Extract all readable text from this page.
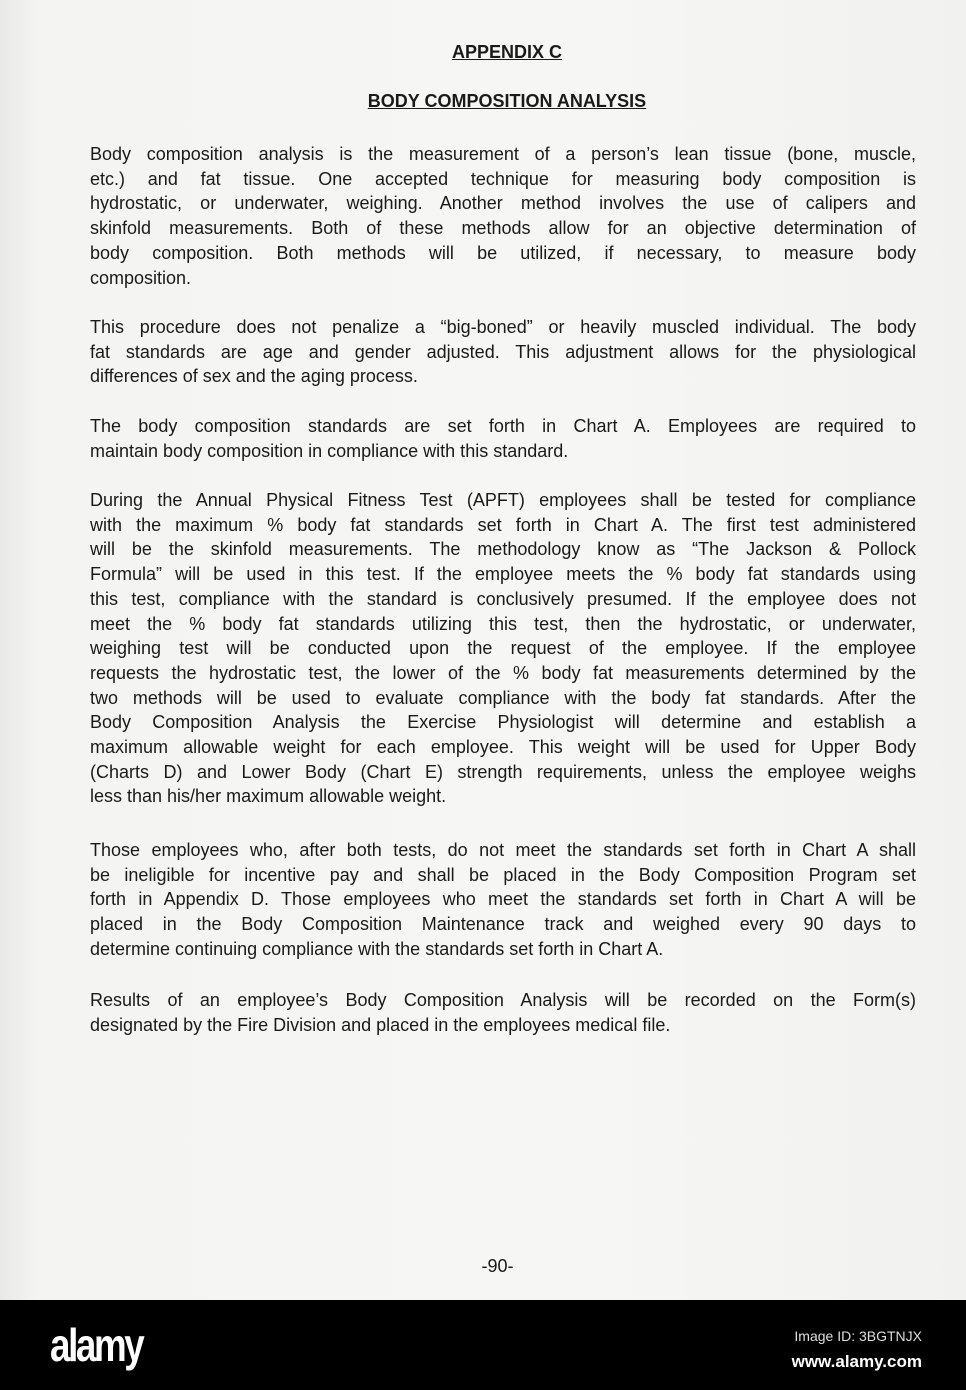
APPENDIX C
BODY COMPOSITION ANALYSIS
Body composition analysis is the measurement of a person’s lean tissue (bone, muscle,
etc.) and fat tissue. One accepted technique for measuring body composition is
hydrostatic, or underwater, weighing. Another method involves the use of calipers and
skinfold measurements. Both of these methods allow for an objective determination of
body composition. Both methods will be utilized, if necessary, to measure body
composition.
This procedure does not penalize a “big-boned” or heavily muscled individual. The body
fat standards are age and gender adjusted. This adjustment allows for the physiological
differences of sex and the aging process.
The body composition standards are set forth in Chart A. Employees are required to
maintain body composition in compliance with this standard.
During the Annual Physical Fitness Test (APFT) employees shall be tested for compliance
with the maximum % body fat standards set forth in Chart A. The first test administered
will be the skinfold measurements. The methodology know as “The Jackson & Pollock
Formula” will be used in this test. If the employee meets the % body fat standards using
this test, compliance with the standard is conclusively presumed. If the employee does not
meet the % body fat standards utilizing this test, then the hydrostatic, or underwater,
weighing test will be conducted upon the request of the employee. If the employee
requests the hydrostatic test, the lower of the % body fat measurements determined by the
two methods will be used to evaluate compliance with the body fat standards. After the
Body Composition Analysis the Exercise Physiologist will determine and establish a
maximum allowable weight for each employee. This weight will be used for Upper Body
(Charts D) and Lower Body (Chart E) strength requirements, unless the employee weighs
less than his/her maximum allowable weight.
Those employees who, after both tests, do not meet the standards set forth in Chart A shall
be ineligible for incentive pay and shall be placed in the Body Composition Program set
forth in Appendix D. Those employees who meet the standards set forth in Chart A will be
placed in the Body Composition Maintenance track and weighed every 90 days to
determine continuing compliance with the standards set forth in Chart A.
Results of an employee’s Body Composition Analysis will be recorded on the Form(s)
designated by the Fire Division and placed in the employees medical file.
-90-
alamy	Image ID: 3BGTNJX
www.alamy.com
